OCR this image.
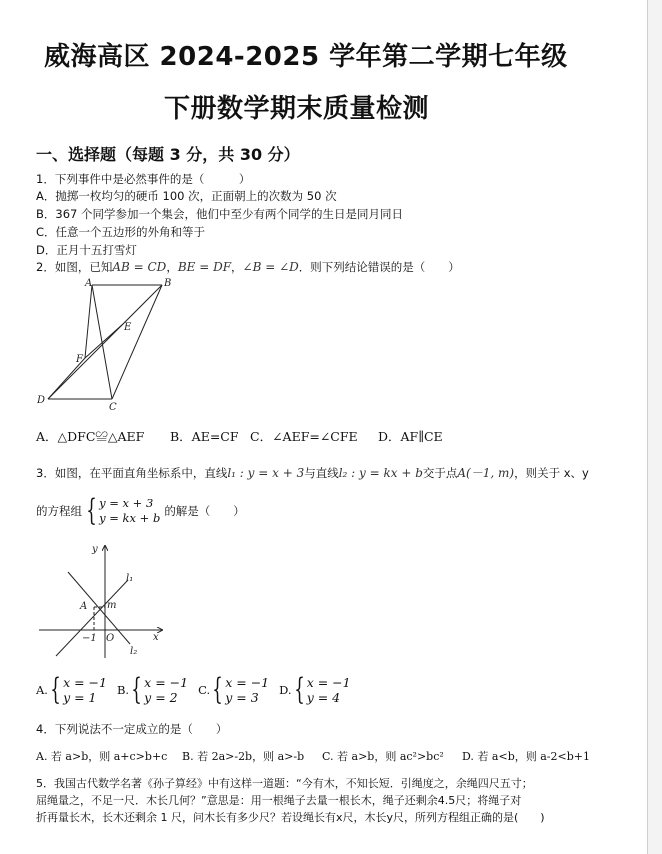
威海高区 2024-2025 学年第二学期七年级
下册数学期末质量检测
一、选择题（每题 3 分，共 30 分）
1．下列事件中是必然事件的是（　　　）
A．抛掷一枚均匀的硬币 100 次，正面朝上的次数为 50 次
B．367 个同学参加一个集会，他们中至少有两个同学的生日是同月同日
C．任意一个五边形的外角和等于
D．正月十五打雪灯
2．如图，已知AB = CD，BE = DF，∠B = ∠D．则下列结论错误的是（　　）
A	B
E
F
D
C
A．△DFC≌△AEF B．AE=CF C．∠AEF=∠CFE D．AF∥CE
3．如图，在平面直角坐标系中，直线l₁ : y = x + 3与直线l₂ : y = kx + b交于点A(－1, m)，则关于 x、y
的方程组 { y = x + 3
y = kx + b 的解是（　　）
y
x
l₁
l₂
A m
−1 O
A. { x = −1
y = 1	B. { x = −1
y = 2	C. { x = −1
y = 3	D. { x = −1
y = 4
4．下列说法不一定成立的是（　　）
A. 若 a>b，则 a+c>b+c B. 若 2a>-2b，则 a>-b C. 若 a>b，则 ac²>bc² D. 若 a<b，则 a-2<b+1
5．我国古代数学名著《孙子算经》中有这样一道题：“今有木，不知长短．引绳度之，余绳四尺五寸；
屈绳量之，不足一尺．木长几何？”意思是：用一根绳子去量一根长木，绳子还剩余4.5尺；将绳子对
折再量长木，长木还剩余 1 尺，问木长有多少尺？若设绳长有x尺，木长y尺，所列方程组正确的是(　　)
